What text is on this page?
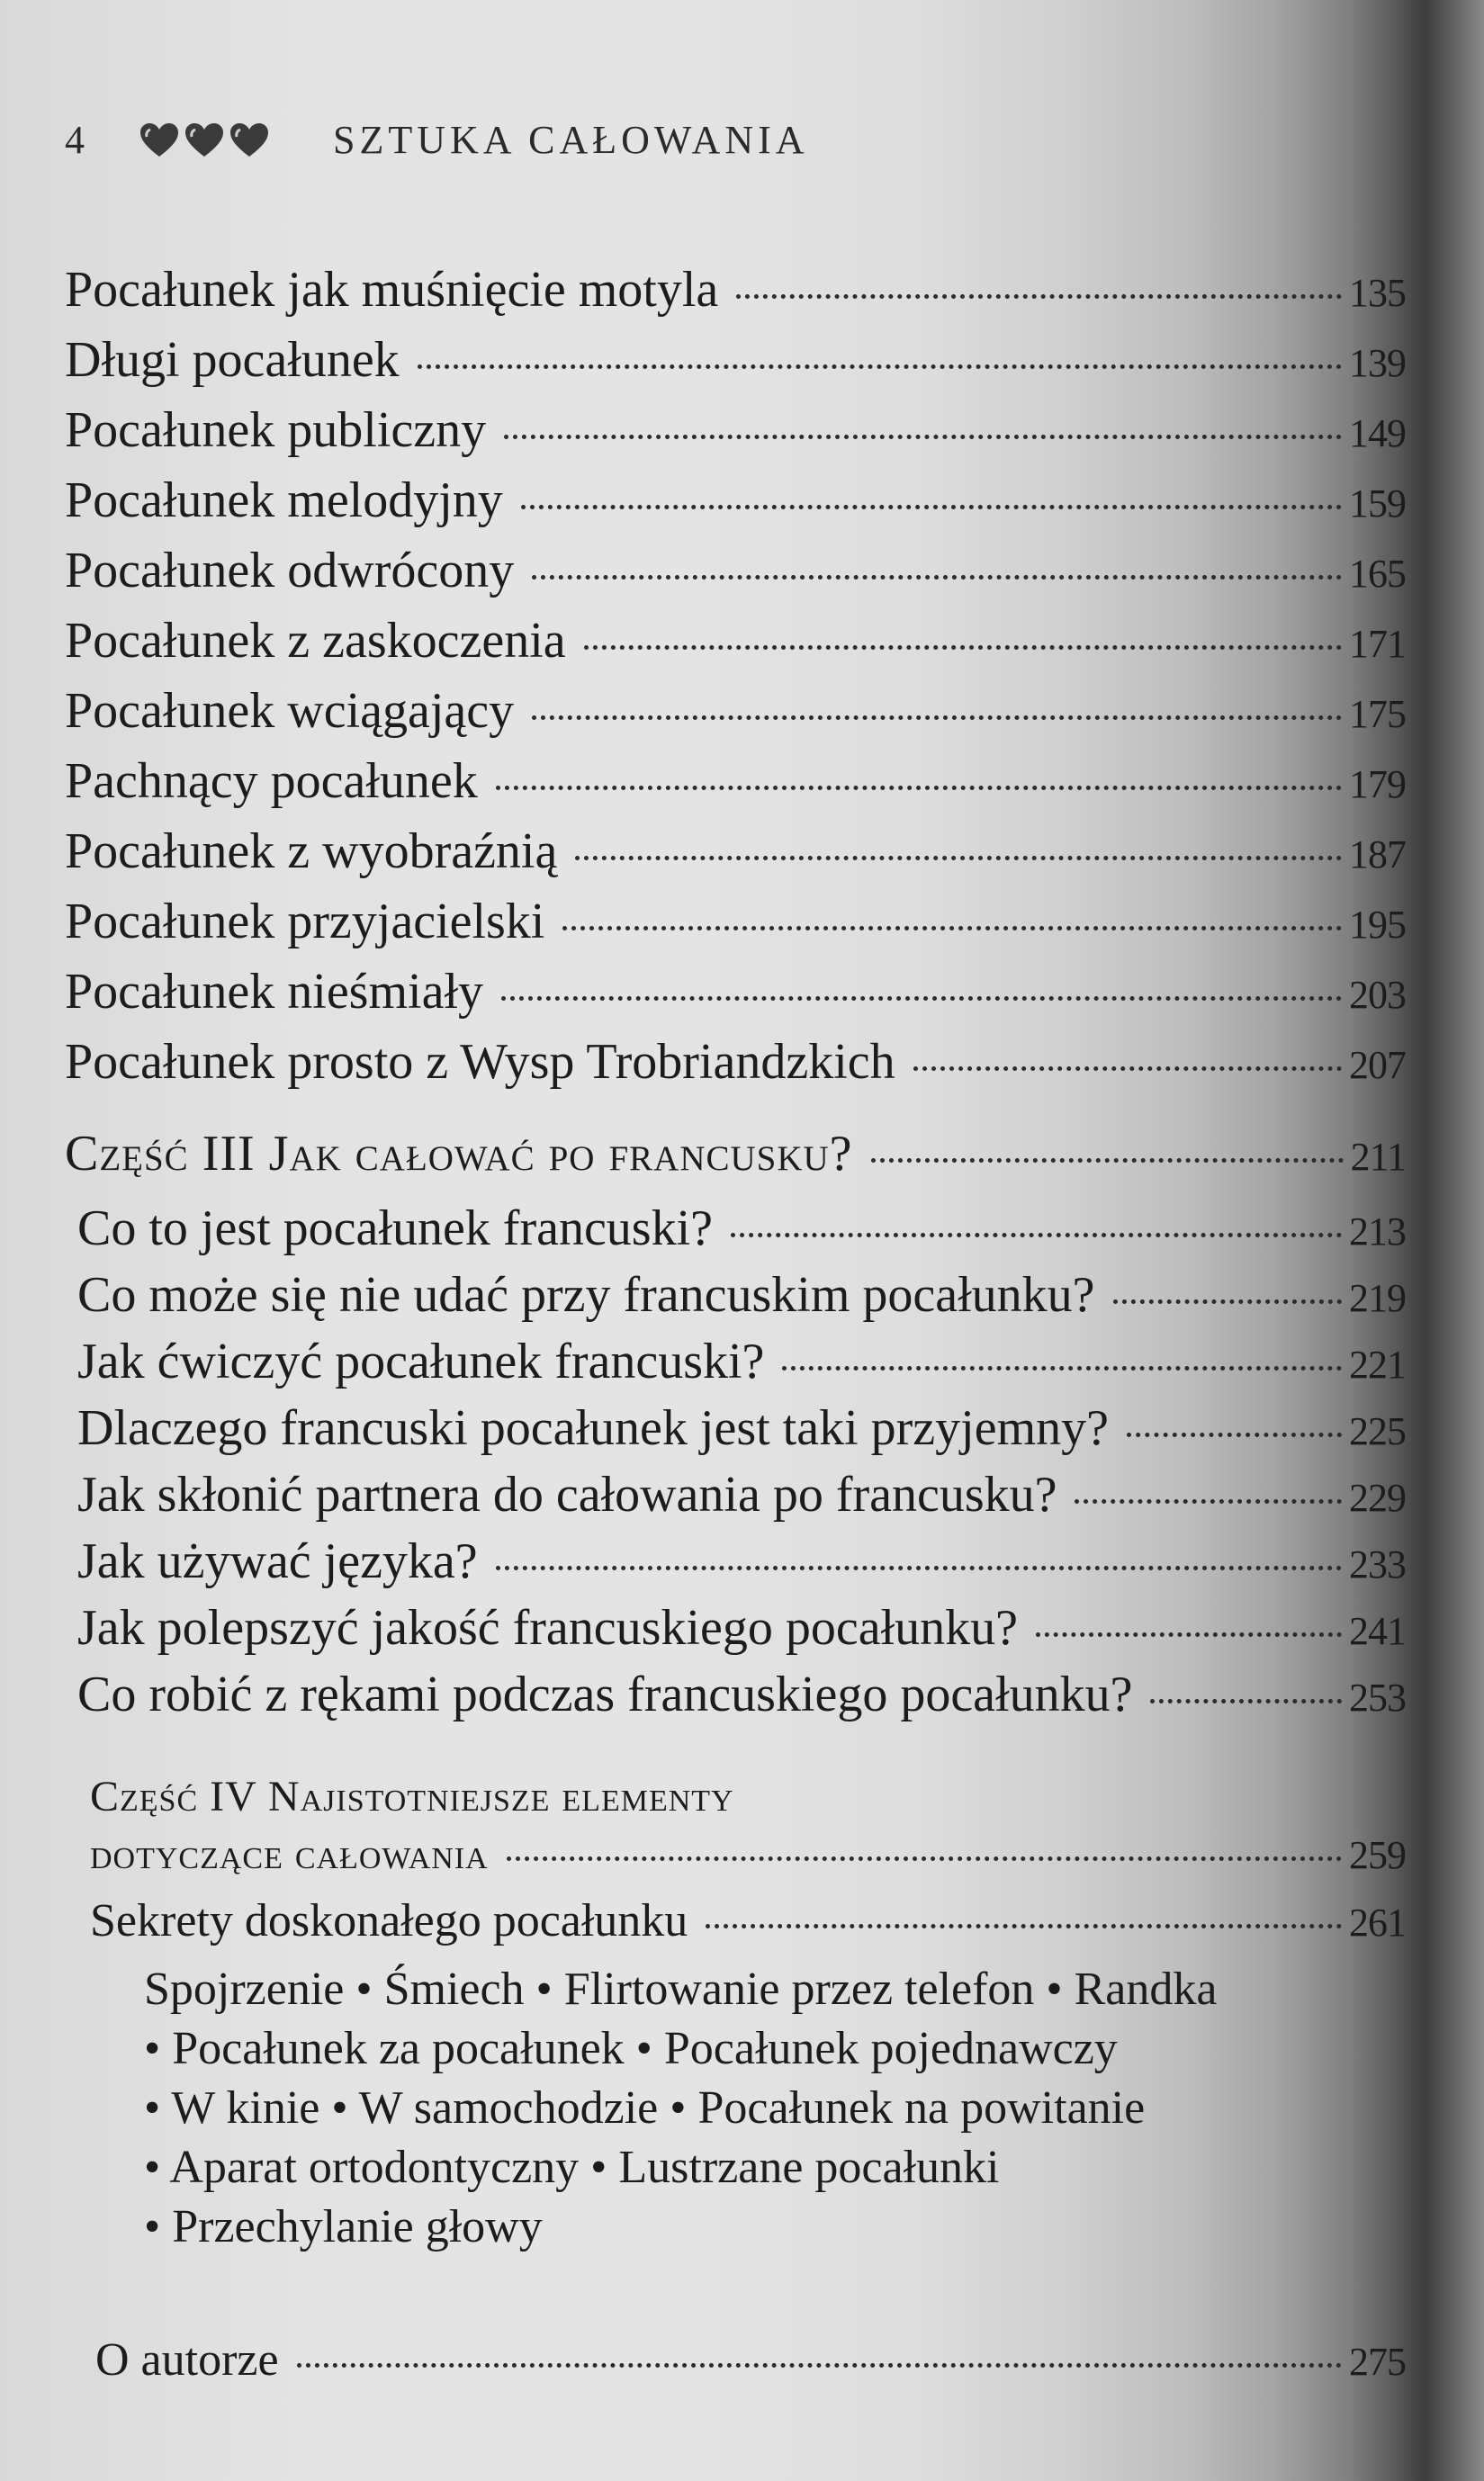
4	SZTUKA CAŁOWANIA
Pocałunek jak muśnięcie motyla	135
Długi pocałunek	139
Pocałunek publiczny	149
Pocałunek melodyjny	159
Pocałunek odwrócony	165
Pocałunek z zaskoczenia	171
Pocałunek wciągający	175
Pachnący pocałunek	179
Pocałunek z wyobraźnią	187
Pocałunek przyjacielski	195
Pocałunek nieśmiały	203
Pocałunek prosto z Wysp Trobriandzkich	207
Część III Jak całować po francusku?	211
Co to jest pocałunek francuski?	213
Co może się nie udać przy francuskim pocałunku?	219
Jak ćwiczyć pocałunek francuski?	221
Dlaczego francuski pocałunek jest taki przyjemny?	225
Jak skłonić partnera do całowania po francusku?	229
Jak używać języka?	233
Jak polepszyć jakość francuskiego pocałunku?	241
Co robić z rękami podczas francuskiego pocałunku?	253
Część IV Najistotniejsze elementy
dotyczące całowania	259
Sekrety doskonałego pocałunku	261
Spojrzenie • Śmiech • Flirtowanie przez telefon • Randka
• Pocałunek za pocałunek • Pocałunek pojednawczy
• W kinie • W samochodzie • Pocałunek na powitanie
• Aparat ortodontyczny • Lustrzane pocałunki
• Przechylanie głowy
O autorze	275
